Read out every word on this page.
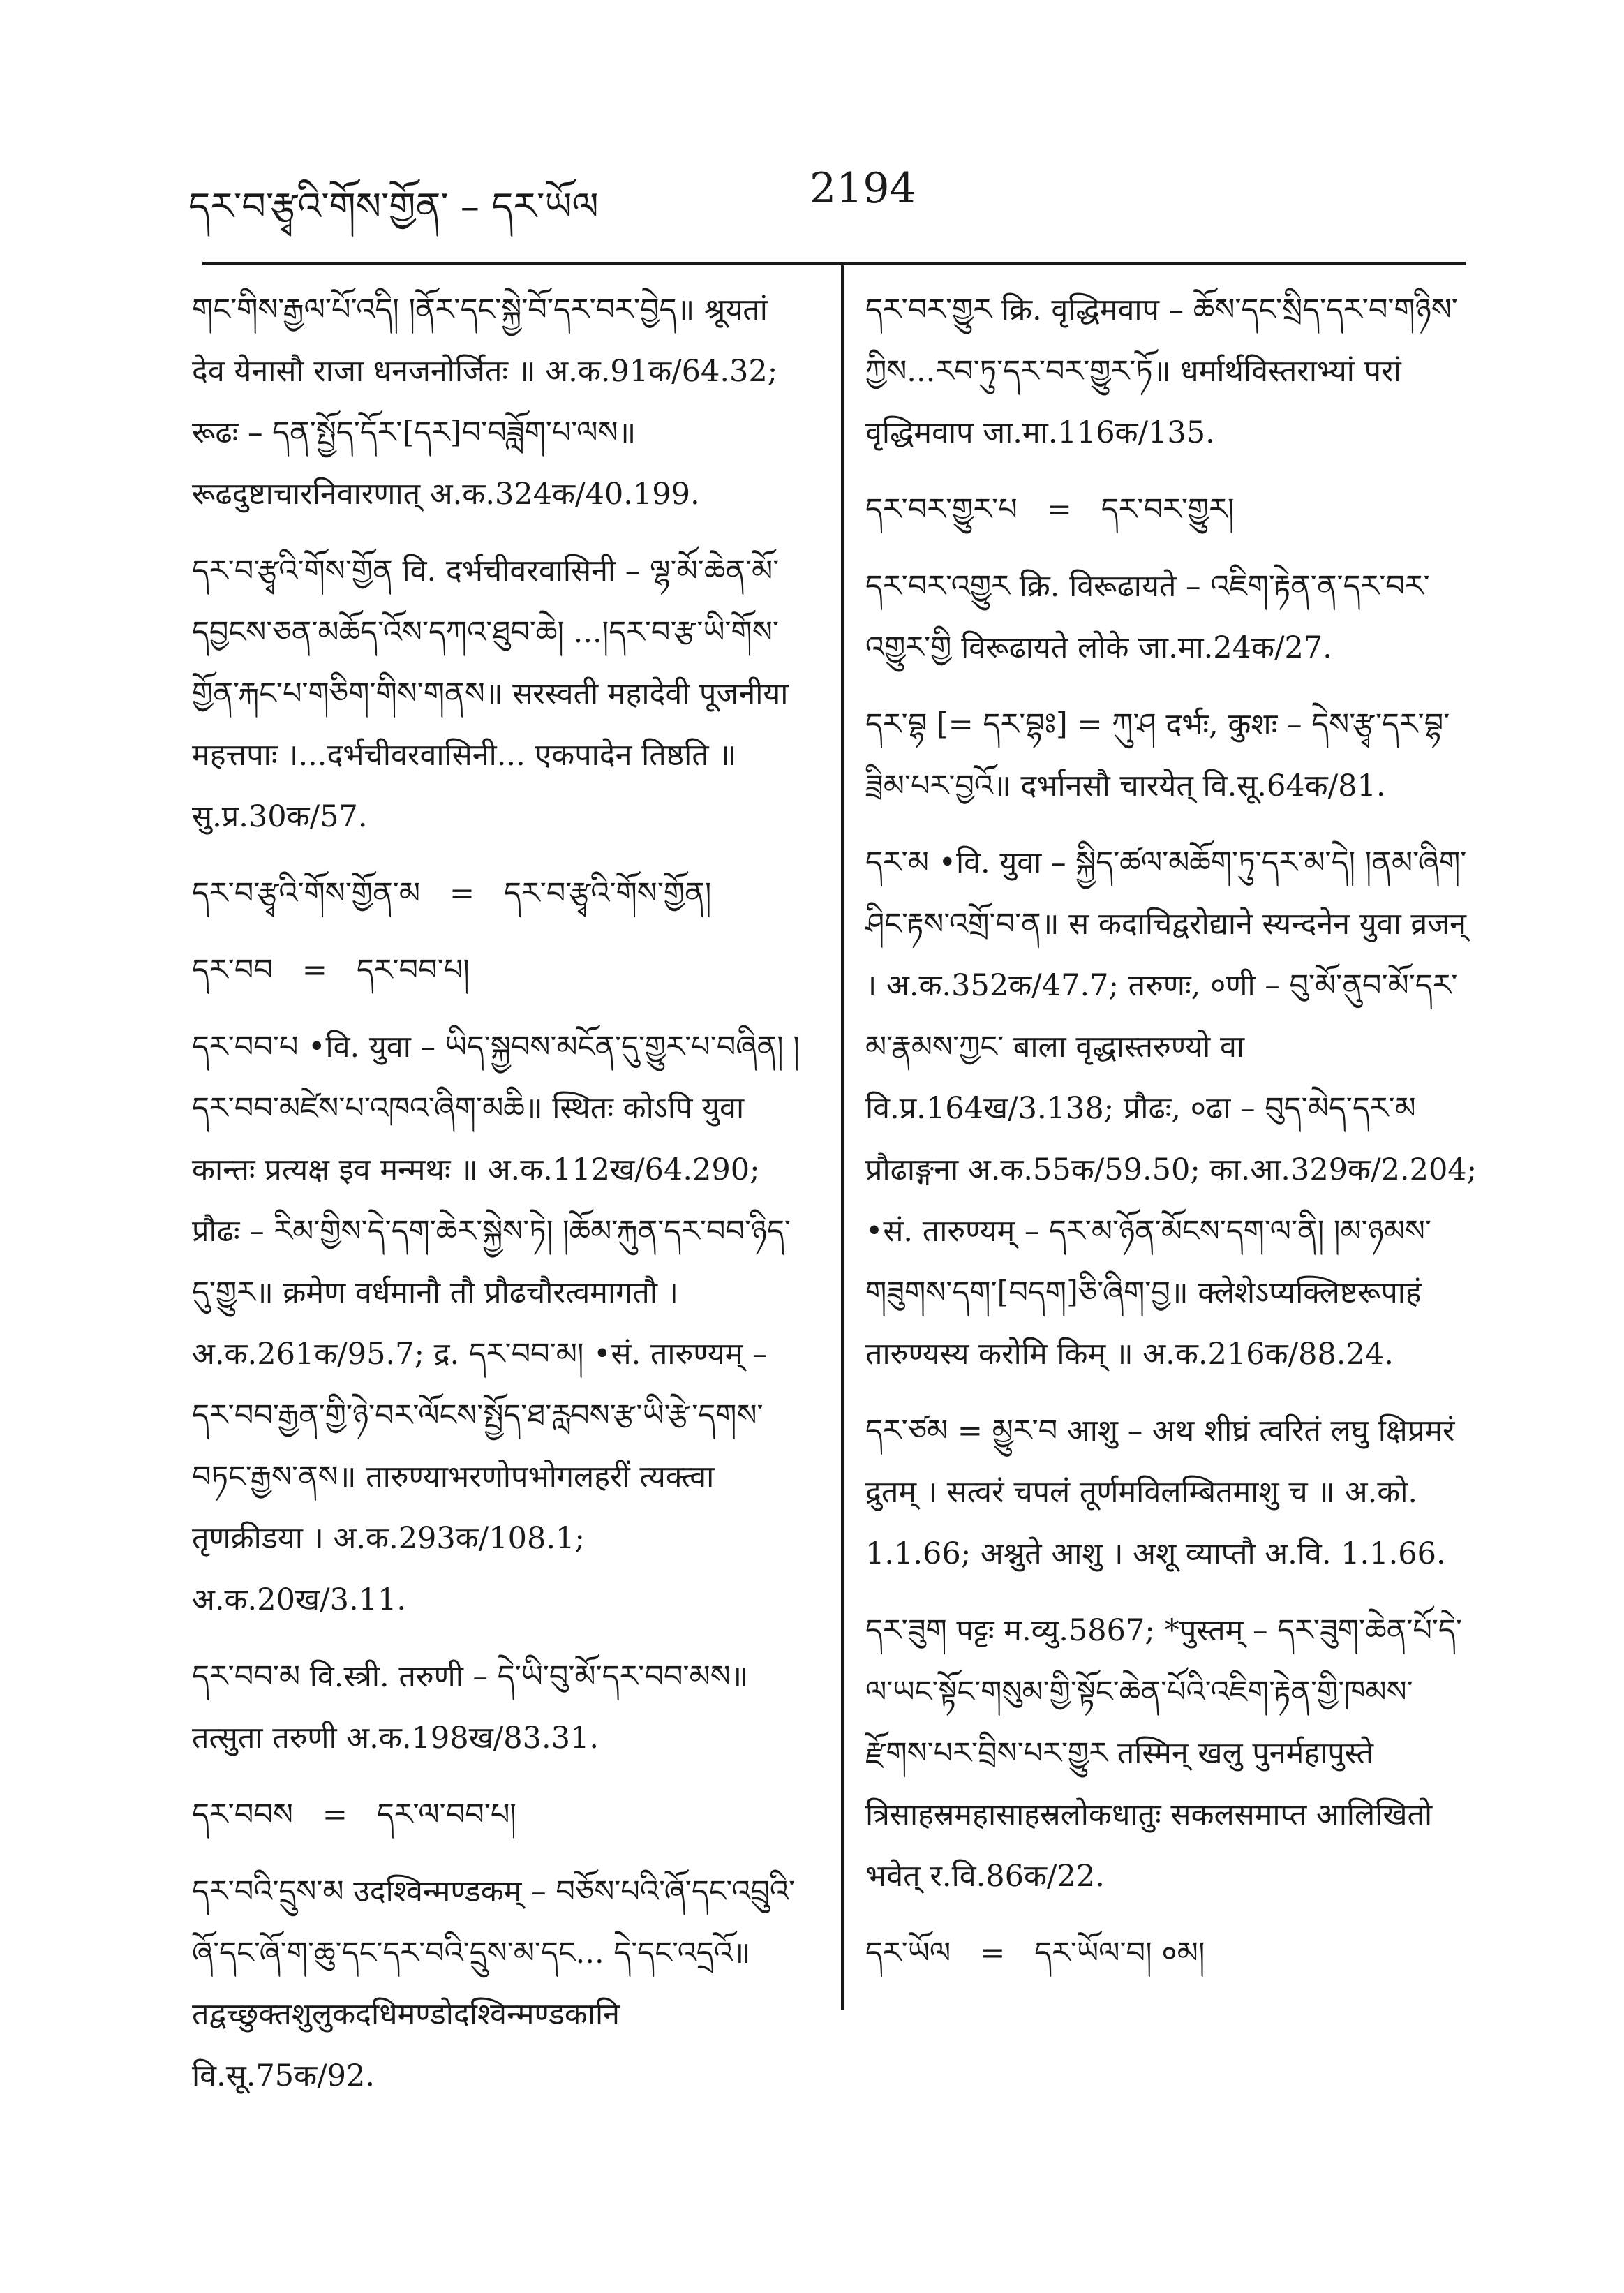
དར་བ་རྩྭའི་གོས་གྱོན་ – དར་ཡོལ	2194
གང་གིས་རྒྱལ་པོ་འདི། །ནོར་དང་སྐྱེ་བོ་དར་བར་བྱེད॥ श्रूयतां देव येनासौ राजा धनजनोर्जितः ॥ अ.क.91क/64.32; रूढः – དན་སྤྱོད་དོར་[དར]བ་བཟློག་པ་ལས॥ रूढदुष्टाचारनिवारणात् अ.क.324क/40.199.
དར་བ་རྩྭའི་གོས་གྱོན वि. दर्भचीवरवासिनी – ལྷ་མོ་ཆེན་མོ་དབྱངས་ཅན་མཆོད་འོས་དཀའ་ཐུབ་ཆེ། ...།དར་བ་རྩ་ཡི་གོས་གྱོན་རྐང་པ་གཅིག་གིས་གནས॥ सरस्वती महादेवी पूजनीया महत्तपाः ।...दर्भचीवरवासिनी... एकपादेन तिष्ठति ॥ सु.प्र.30क/57.
དར་བ་རྩྭའི་གོས་གྱོན་མ = དར་བ་རྩྭའི་གོས་གྱོན།
དར་བབ = དར་བབ་པ།
དར་བབ་པ •वि. युवा – ཡིད་སྐྱབས་མངོན་དུ་གྱུར་པ་བཞིན། །དར་བབ་མཛེས་པ་འཁའ་ཞིག་མཆི॥ स्थितः कोऽपि युवा कान्तः प्रत्यक्ष इव मन्मथः ॥ अ.क.112ख/64.290; प्रौढः – རིམ་གྱིས་དེ་དག་ཆེར་སྐྱེས་ཏེ། །ཆོམ་རྐུན་དར་བབ་ཉིད་དུ་གྱུར॥ क्रमेण वर्धमानौ तौ प्रौढचौरत्वमागतौ । अ.क.261क/95.7; द्र. དར་བབ་མ། •सं. तारुण्यम् – དར་བབ་རྒྱན་གྱི་ཉེ་བར་ལོངས་སྤྱོད་ཐ་རླབས་རྩ་ཡི་རྩེ་དགས་བཏང་རྒྱས་ནས॥ तारुण्याभरणोपभोगलहरीं त्यक्त्वा तृणक्रीडया । अ.क.293क/108.1; अ.क.20ख/3.11.
དར་བབ་མ वि.स्त्री. तरुणी – དེ་ཡི་བུ་མོ་དར་བབ་མས॥ तत्सुता तरुणी अ.क.198ख/83.31.
དར་བབས = དར་ལ་བབ་པ།
དར་བའི་དྲུས་མ उदश्विन्मण्डकम् – བཅོས་པའི་ཞོ་དང་འབྲུའི་ཞོ་དང་ཞོ་ག་ཆུ་དང་དར་བའི་དྲུས་མ་དང... དེ་དང་འདྲའོ॥ तद्वच्छुक्तशुलुकदधिमण्डोदश्विन्मण्डकानि वि.सू.75क/92.
དར་བར་གྱུར क्रि. वृद्धिमवाप – ཆོས་དང་སྲིད་དར་བ་གཉིས་ཀྱིས...རབ་ཏུ་དར་བར་གྱུར་ཏོ॥ धर्मार्थविस्तराभ्यां परां वृद्धिमवाप जा.मा.116क/135.
དར་བར་གྱུར་པ = དར་བར་གྱུར།
དར་བར་འགྱུར क्रि. विरूढायते – འཇིག་རྟེན་ན་དར་བར་འགྱུར་གྱི विरूढायते लोके जा.मा.24क/27.
དར་བྷ [= དར་བྷཿ] = ཀུ་ཤ दर्भः, कुशः – དེས་རྩྭ་དར་བྷ་ཟྲིམ་པར་བྱའོ॥ दर्भानसौ चारयेत् वि.सू.64क/81.
དར་མ •वि. युवा – སྐྱིད་ཚལ་མཆོག་ཏུ་དར་མ་དེ། །ནམ་ཞིག་ཤིང་རྟས་འགྲོ་བ་ན॥ स कदाचिद्वरोद्याने स्यन्दनेन युवा व्रजन् । अ.क.352क/47.7; तरुणः, ०णी – བུ་མོ་ནུབ་མོ་དར་མ་རྣམས་ཀྱང་ बाला वृद्धास्तरुण्यो वा वि.प्र.164ख/3.138; प्रौढः, ०ढा – བུད་མེད་དར་མ प्रौढाङ्गना अ.क.55क/59.50; का.आ.329क/2.204; •सं. तारुण्यम् – དར་མ་ཉོན་མོངས་དག་ལ་ནི། །མ་ཉམས་གཟུགས་དག་[བདག]ཅི་ཞིག་བྱ॥ क्लेशेऽप्यक्लिष्टरूपाहं तारुण्यस्य करोमि किम् ॥ अ.क.216क/88.24.
དར་ཙམ = མྱུར་བ आशु – अथ शीघ्रं त्वरितं लघु क्षिप्रमरं द्रुतम् । सत्वरं चपलं तूर्णमविलम्बितमाशु च ॥ अ.को. 1.1.66; अश्नुते आशु । अशू व्याप्तौ अ.वि. 1.1.66.
དར་ཟུག पट्टः म.व्यु.5867; *पुस्तम् – དར་ཟུག་ཆེན་པོ་དེ་ལ་ཡང་སྟོང་གསུམ་གྱི་སྟོང་ཆེན་པོའི་འཇིག་རྟེན་གྱི་ཁམས་རྫོགས་པར་བྲིས་པར་གྱུར तस्मिन् खलु पुनर्महापुस्ते त्रिसाहस्रमहासाहस्रलोकधातुः सकलसमाप्त आलिखितो भवेत् र.वि.86क/22.
དར་ཡོལ = དར་ཡོལ་བ། ०མ།
